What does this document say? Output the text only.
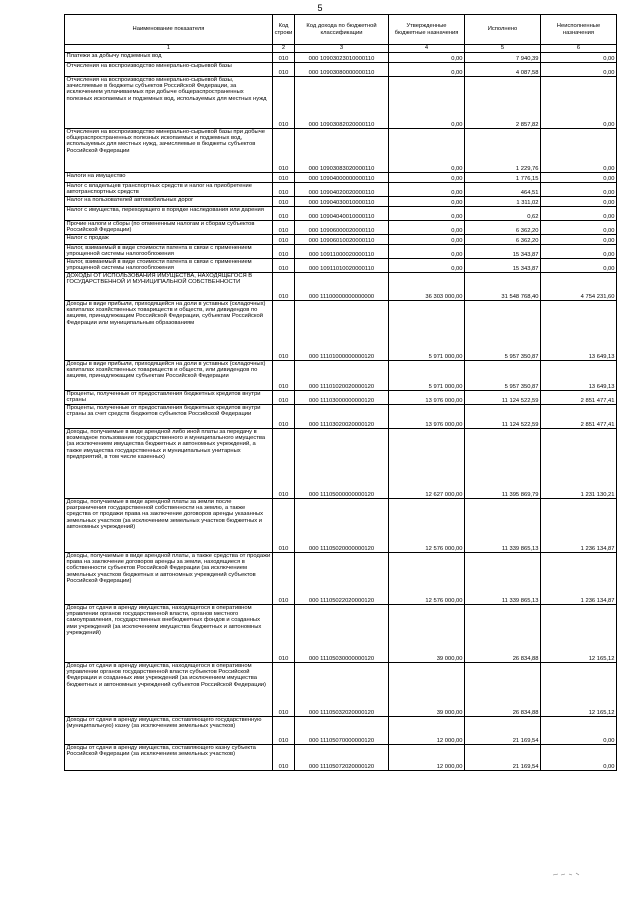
5
Наименование показателя	Код строки	Код дохода по бюджетной классификации	Утвержденные бюджетные назначения	Исполнено	Неисполненные назначения
1	2	3	4	5	6
Платежи за добычу подземных вод	010	000 10903023010000110	0,00	7 940,39	0,00
Отчисления на воспроизводство минерально-сырьевой базы	010	000 10903080000000110	0,00	4 087,58	0,00
Отчисления на воспроизводство минерально-сырьевой базы, зачисляемые в бюджеты субъектов Российской Федерации, за исключением уплачиваемых при добыче общераспространенных полезных ископаемых и подземных вод, используемых для местных нужд	010	000 10903082020000110	0,00	2 857,82	0,00
Отчисления на воспроизводство минерально-сырьевой базы при добыче общераспространенных полезных ископаемых и подземных вод, используемых для местных нужд, зачисляемые в бюджеты субъектов Российской Федерации	010	000 10903083020000110	0,00	1 229,76	0,00
Налоги на имущество	010	000 10904000000000110	0,00	1 776,15	0,00
Налог с владельцев транспортных средств и налог на приобретение автотранспортных средств	010	000 10904020020000110	0,00	464,51	0,00
Налог на пользователей автомобильных дорог	010	000 10904030010000110	0,00	1 311,02	0,00
Налог с имущества, переходящего в порядке наследования или дарения	010	000 10904040010000110	0,00	0,62	0,00
Прочие налоги и сборы (по отмененным налогам и сборам субъектов Российской Федерации)	010	000 10906000020000110	0,00	6 362,20	0,00
Налог с продаж	010	000 10906010020000110	0,00	6 362,20	0,00
Налог, взимаемый в виде стоимости патента в связи с применением упрощенной системы налогообложения	010	000 10911000020000110	0,00	15 343,87	0,00
Налог, взимаемый в виде стоимости патента в связи с применением упрощенной системы налогообложения	010	000 10911010020000110	0,00	15 343,87	0,00
ДОХОДЫ ОТ ИСПОЛЬЗОВАНИЯ ИМУЩЕСТВА, НАХОДЯЩЕГОСЯ В ГОСУДАРСТВЕННОЙ И МУНИЦИПАЛЬНОЙ СОБСТВЕННОСТИ	010	000 11100000000000000	36 303 000,00	31 548 768,40	4 754 231,60
Доходы в виде прибыли, приходящейся на доли в уставных (складочных) капиталах хозяйственных товариществ и обществ, или дивидендов по акциям, принадлежащим Российской Федерации, субъектам Российской Федерации или муниципальным образованиям	010	000 11101000000000120	5 971 000,00	5 957 350,87	13 649,13
Доходы в виде прибыли, приходящейся на доли в уставных (складочных) капиталах хозяйственных товариществ и обществ, или дивидендов по акциям, принадлежащим субъектам Российской Федерации	010	000 11101020020000120	5 971 000,00	5 957 350,87	13 649,13
Проценты, полученные от предоставления бюджетных кредитов внутри страны	010	000 11103000000000120	13 976 000,00	11 124 522,59	2 851 477,41
Проценты, полученные от предоставления бюджетных кредитов внутри страны за счет средств бюджетов субъектов Российской Федерации	010	000 11103020020000120	13 976 000,00	11 124 522,59	2 851 477,41
Доходы, получаемые в виде арендной либо иной платы за передачу в возмездное пользование государственного и муниципального имущества (за исключением имущества бюджетных и автономных учреждений, а также имущества государственных и муниципальных унитарных предприятий, в том числе казенных)	010	000 11105000000000120	12 627 000,00	11 395 869,79	1 231 130,21
Доходы, получаемые в виде арендной платы за земли после разграничения государственной собственности на землю, а также средства от продажи права на заключение договоров аренды указанных земельных участков (за исключением земельных участков бюджетных и автономных учреждений)	010	000 11105020000000120	12 576 000,00	11 339 865,13	1 236 134,87
Доходы, получаемые в виде арендной платы, а также средства от продажи права на заключение договоров аренды за земли, находящиеся в собственности субъектов Российской Федерации (за исключением земельных участков бюджетных и автономных учреждений субъектов Российской Федерации)	010	000 11105022020000120	12 576 000,00	11 339 865,13	1 236 134,87
Доходы от сдачи в аренду имущества, находящегося в оперативном управлении органов государственной власти, органов местного самоуправления, государственных внебюджетных фондов и созданных ими учреждений (за исключением имущества бюджетных и автономных учреждений)	010	000 11105030000000120	39 000,00	26 834,88	12 165,12
Доходы от сдачи в аренду имущества, находящегося в оперативном управлении органов государственной власти субъектов Российской Федерации и созданных ими учреждений (за исключением имущества бюджетных и автономных учреждений субъектов Российской Федерации)	010	000 11105032020000120	39 000,00	26 834,88	12 165,12
Доходы от сдачи в аренду имущества, составляющего государственную (муниципальную) казну (за исключением земельных участков)	010	000 11105070000000120	12 000,00	21 169,54	0,00
Доходы от сдачи в аренду имущества, составляющего казну субъекта Российской Федерации (за исключением земельных участков)	010	000 11105072020000120	12 000,00	21 169,54	0,00
